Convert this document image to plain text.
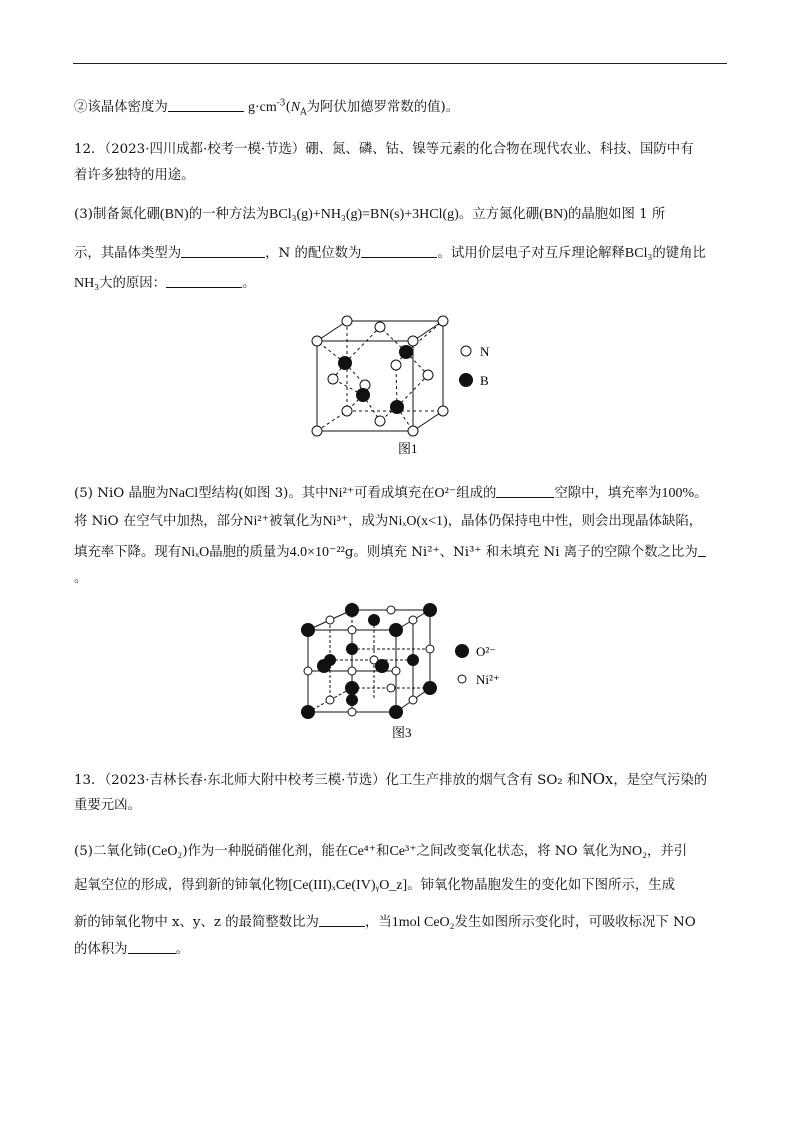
②该晶体密度为	$g\cdot cm^{-3}(N_A$为阿伏加德罗常数的值)。
12．（2023·四川成都·校考一模·节选）硼、氮、磷、钴、镍等元素的化合物在现代农业、科技、国防中有
着许多独特的用途。
(3)制备氮化硼(BN)的一种方法为BCl₃(g)+NH₃(g)=BN(s)+3HCl(g)。立方氮化硼(BN)的晶胞如图 1 所
示，其晶体类型为	，N 的配位数为	。试用价层电子对互斥理论解释BCl₃的键角比
NH₃大的原因：	。
N
B
图1
(5) NiO 晶胞为NaCl型结构(如图 3)。其中Ni²⁺可看成填充在O²⁻组成的	空隙中，填充率为100%。
将 NiO 在空气中加热，部分Ni²⁺被氧化为Ni³⁺，成为NiₓO(x<1)，晶体仍保持电中性，则会出现晶体缺陷，
填充率下降。现有NiₓO晶胞的质量为4.0×10⁻²²g。则填充 Ni²⁺、Ni³⁺ 和未填充 Ni 离子的空隙个数之比为
。
O²⁻
Ni²⁺
图3
13．（2023·吉林长春·东北师大附中校考三模·节选）化工生产排放的烟气含有 SO₂ 和NOx，是空气污染的
重要元凶。
(5)二氧化铈(CeO₂)作为一种脱硝催化剂，能在Ce⁴⁺和Ce³⁺之间改变氧化状态，将 NO 氧化为NO₂，并引
起氧空位的形成，得到新的铈氧化物[Ce(III)ₓCe(IV)ᵧO_z]。铈氧化物晶胞发生的变化如下图所示，生成
新的铈氧化物中 x、y、z 的最简整数比为	，当1mol CeO₂发生如图所示变化时，可吸收标况下 NO
的体积为	。
